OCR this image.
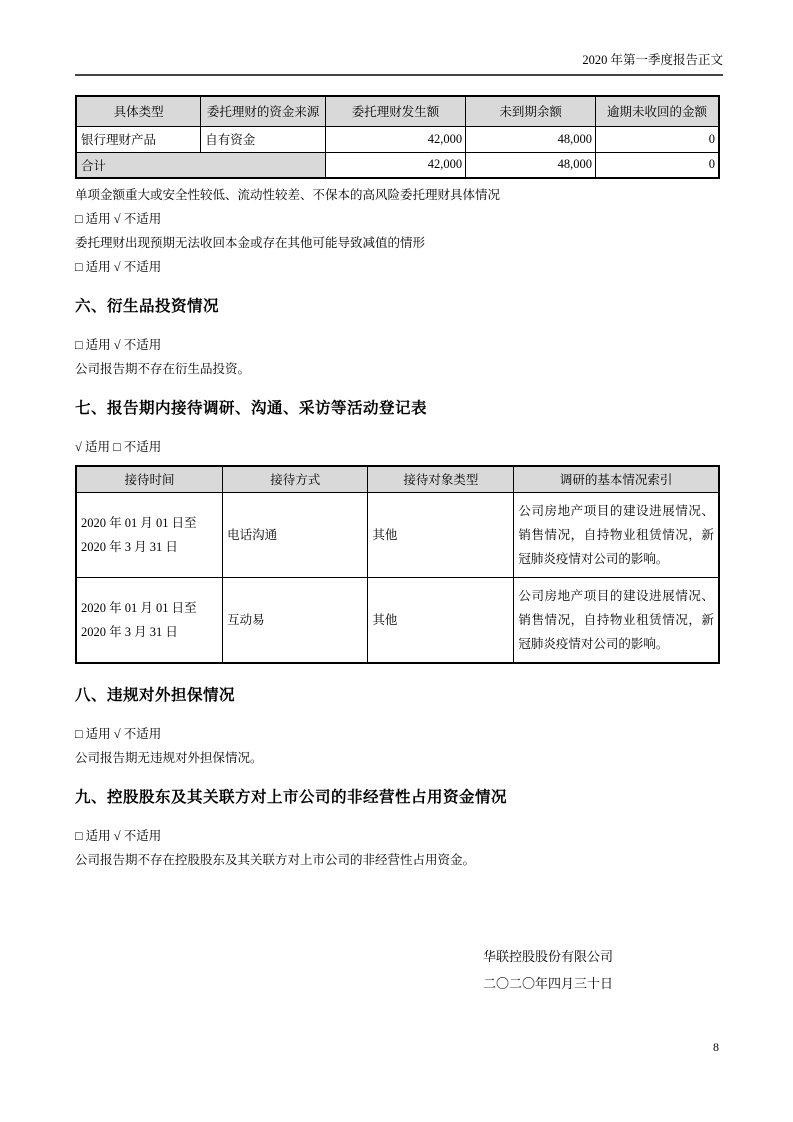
2020 年第一季度报告正文
具体类型	委托理财的资金来源	委托理财发生额	未到期余额	逾期未收回的金额
银行理财产品	自有资金	42,000	48,000	0
合计		42,000	48,000	0

单项金额重大或安全性较低、流动性较差、不保本的高风险委托理财具体情况

□ 适用 √ 不适用

委托理财出现预期无法收回本金或存在其他可能导致减值的情形

□ 适用 √ 不适用

六、衍生品投资情况

□ 适用 √ 不适用

公司报告期不存在衍生品投资。

七、报告期内接待调研、沟通、采访等活动登记表

√ 适用 □ 不适用

接待时间	接待方式	接待对象类型	调研的基本情况索引
2020 年 01 月 01 日至 2020 年 3 月 31 日	电话沟通	其他	公司房地产项目的建设进展情况、销售情况，自持物业租赁情况，新冠肺炎疫情对公司的影响。
2020 年 01 月 01 日至 2020 年 3 月 31 日	互动易	其他	公司房地产项目的建设进展情况、销售情况，自持物业租赁情况，新冠肺炎疫情对公司的影响。
八、违规对外担保情况

□ 适用 √ 不适用

公司报告期无违规对外担保情况。

九、控股股东及其关联方对上市公司的非经营性占用资金情况

□ 适用 √ 不适用

公司报告期不存在控股股东及其关联方对上市公司的非经营性占用资金。

华联控股股份有限公司
二〇二〇年四月三十日
8
